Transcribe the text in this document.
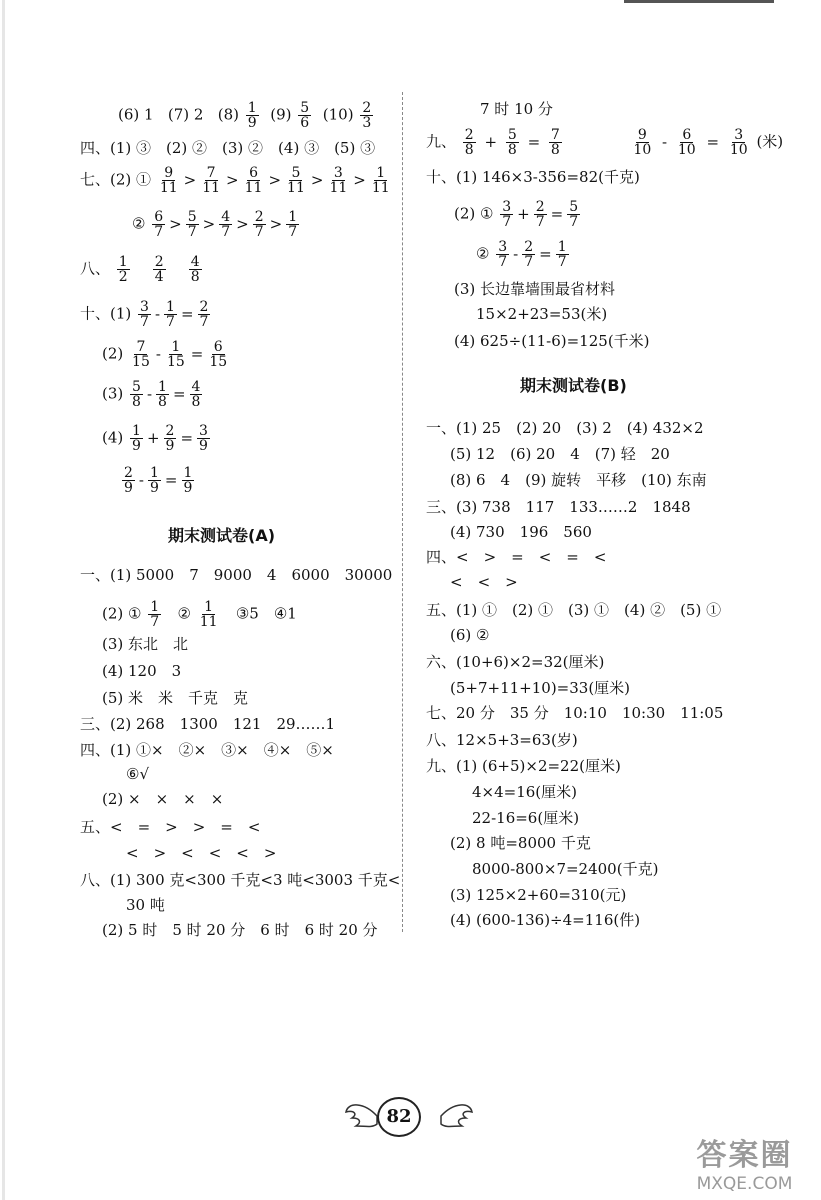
(6) 1 (7) 2 $(8) \frac{1}{9} (9) \frac{5}{6} (10) \frac{2}{3}$
四、(1) ③　(2) ②　(3) ②　(4) ③　(5) ③
七、(2) ① $\frac{9}{11} > \frac{7}{11} > \frac{6}{11} > \frac{5}{11} > \frac{3}{11} > \frac{1}{11}$
② $\frac{6}{7} > \frac{5}{7} > \frac{4}{7} > \frac{2}{7} > \frac{1}{7}$
八、 $\frac{1}{2}$
$\frac{2}{4}$
$\frac{4}{8}$
十、$(1) \frac{3}{7} - \frac{1}{7} = \frac{2}{7}$
$(2) \frac{7}{15} - \frac{1}{15} = \frac{6}{15}$
$(3) \frac{5}{8} - \frac{1}{8} = \frac{4}{8}$
$(4) \frac{1}{9} + \frac{2}{9} = \frac{3}{9}$
$\frac{2}{9} - \frac{1}{9} = \frac{1}{9}$
期末测试卷(A)
一、(1) 5000　7　9000　4　6000　30000
(2) ① $\frac{1}{7}$ ② $\frac{1}{11}$ ③5　④1
(3) 东北　北
(4) 120　3
(5) 米　米　千克　克
三、(2) 268　1300　121　29……1
四、(1) ①×　②×　③×　④×　⑤×
⑥√
(2) ×　×　×　×
五、<　=　>　>　=　<
<　>　<　<　<　>
八、(1) 300 克<300 千克<3 吨<3003 千克<
30 吨
(2) 5 时　5 时 20 分　6 时　6 时 20 分
7 时 10 分
九、 $\frac{2}{8} + \frac{5}{8} = \frac{7}{8}$
	$\frac{9}{10} - \frac{6}{10} = \frac{3}{10}$ (米)
十、(1) 146×3-356=82(千克)
(2) ① $\frac{3}{7} + \frac{2}{7} = \frac{5}{7}$
② $\frac{3}{7} - \frac{2}{7} = \frac{1}{7}$
(3) 长边靠墙围最省材料
15×2+23=53(米)
(4) 625÷(11-6)=125(千米)
期末测试卷(B)
一、(1) 25　(2) 20　(3) 2　(4) 432×2
(5) 12　(6) 20　4　(7) 轻　20
(8) 6　4　(9) 旋转　平移　(10) 东南
三、(3) 738　117　133……2　1848
(4) 730　196　560
四、<　>　=　<　=　<
<　<　>
五、(1) ①　(2) ①　(3) ①　(4) ②　(5) ①
(6) ②
六、(10+6)×2=32(厘米)
(5+7+11+10)=33(厘米)
七、20 分　35 分　10:10　10:30　11:05
八、12×5+3=63(岁)
九、(1) (6+5)×2=22(厘米)
4×4=16(厘米)
22-16=6(厘米)
(2) 8 吨=8000 千克
8000-800×7=2400(千克)
(3) 125×2+60=310(元)
(4) (600-136)÷4=116(件)
82
答案圈
MXQE.COM
